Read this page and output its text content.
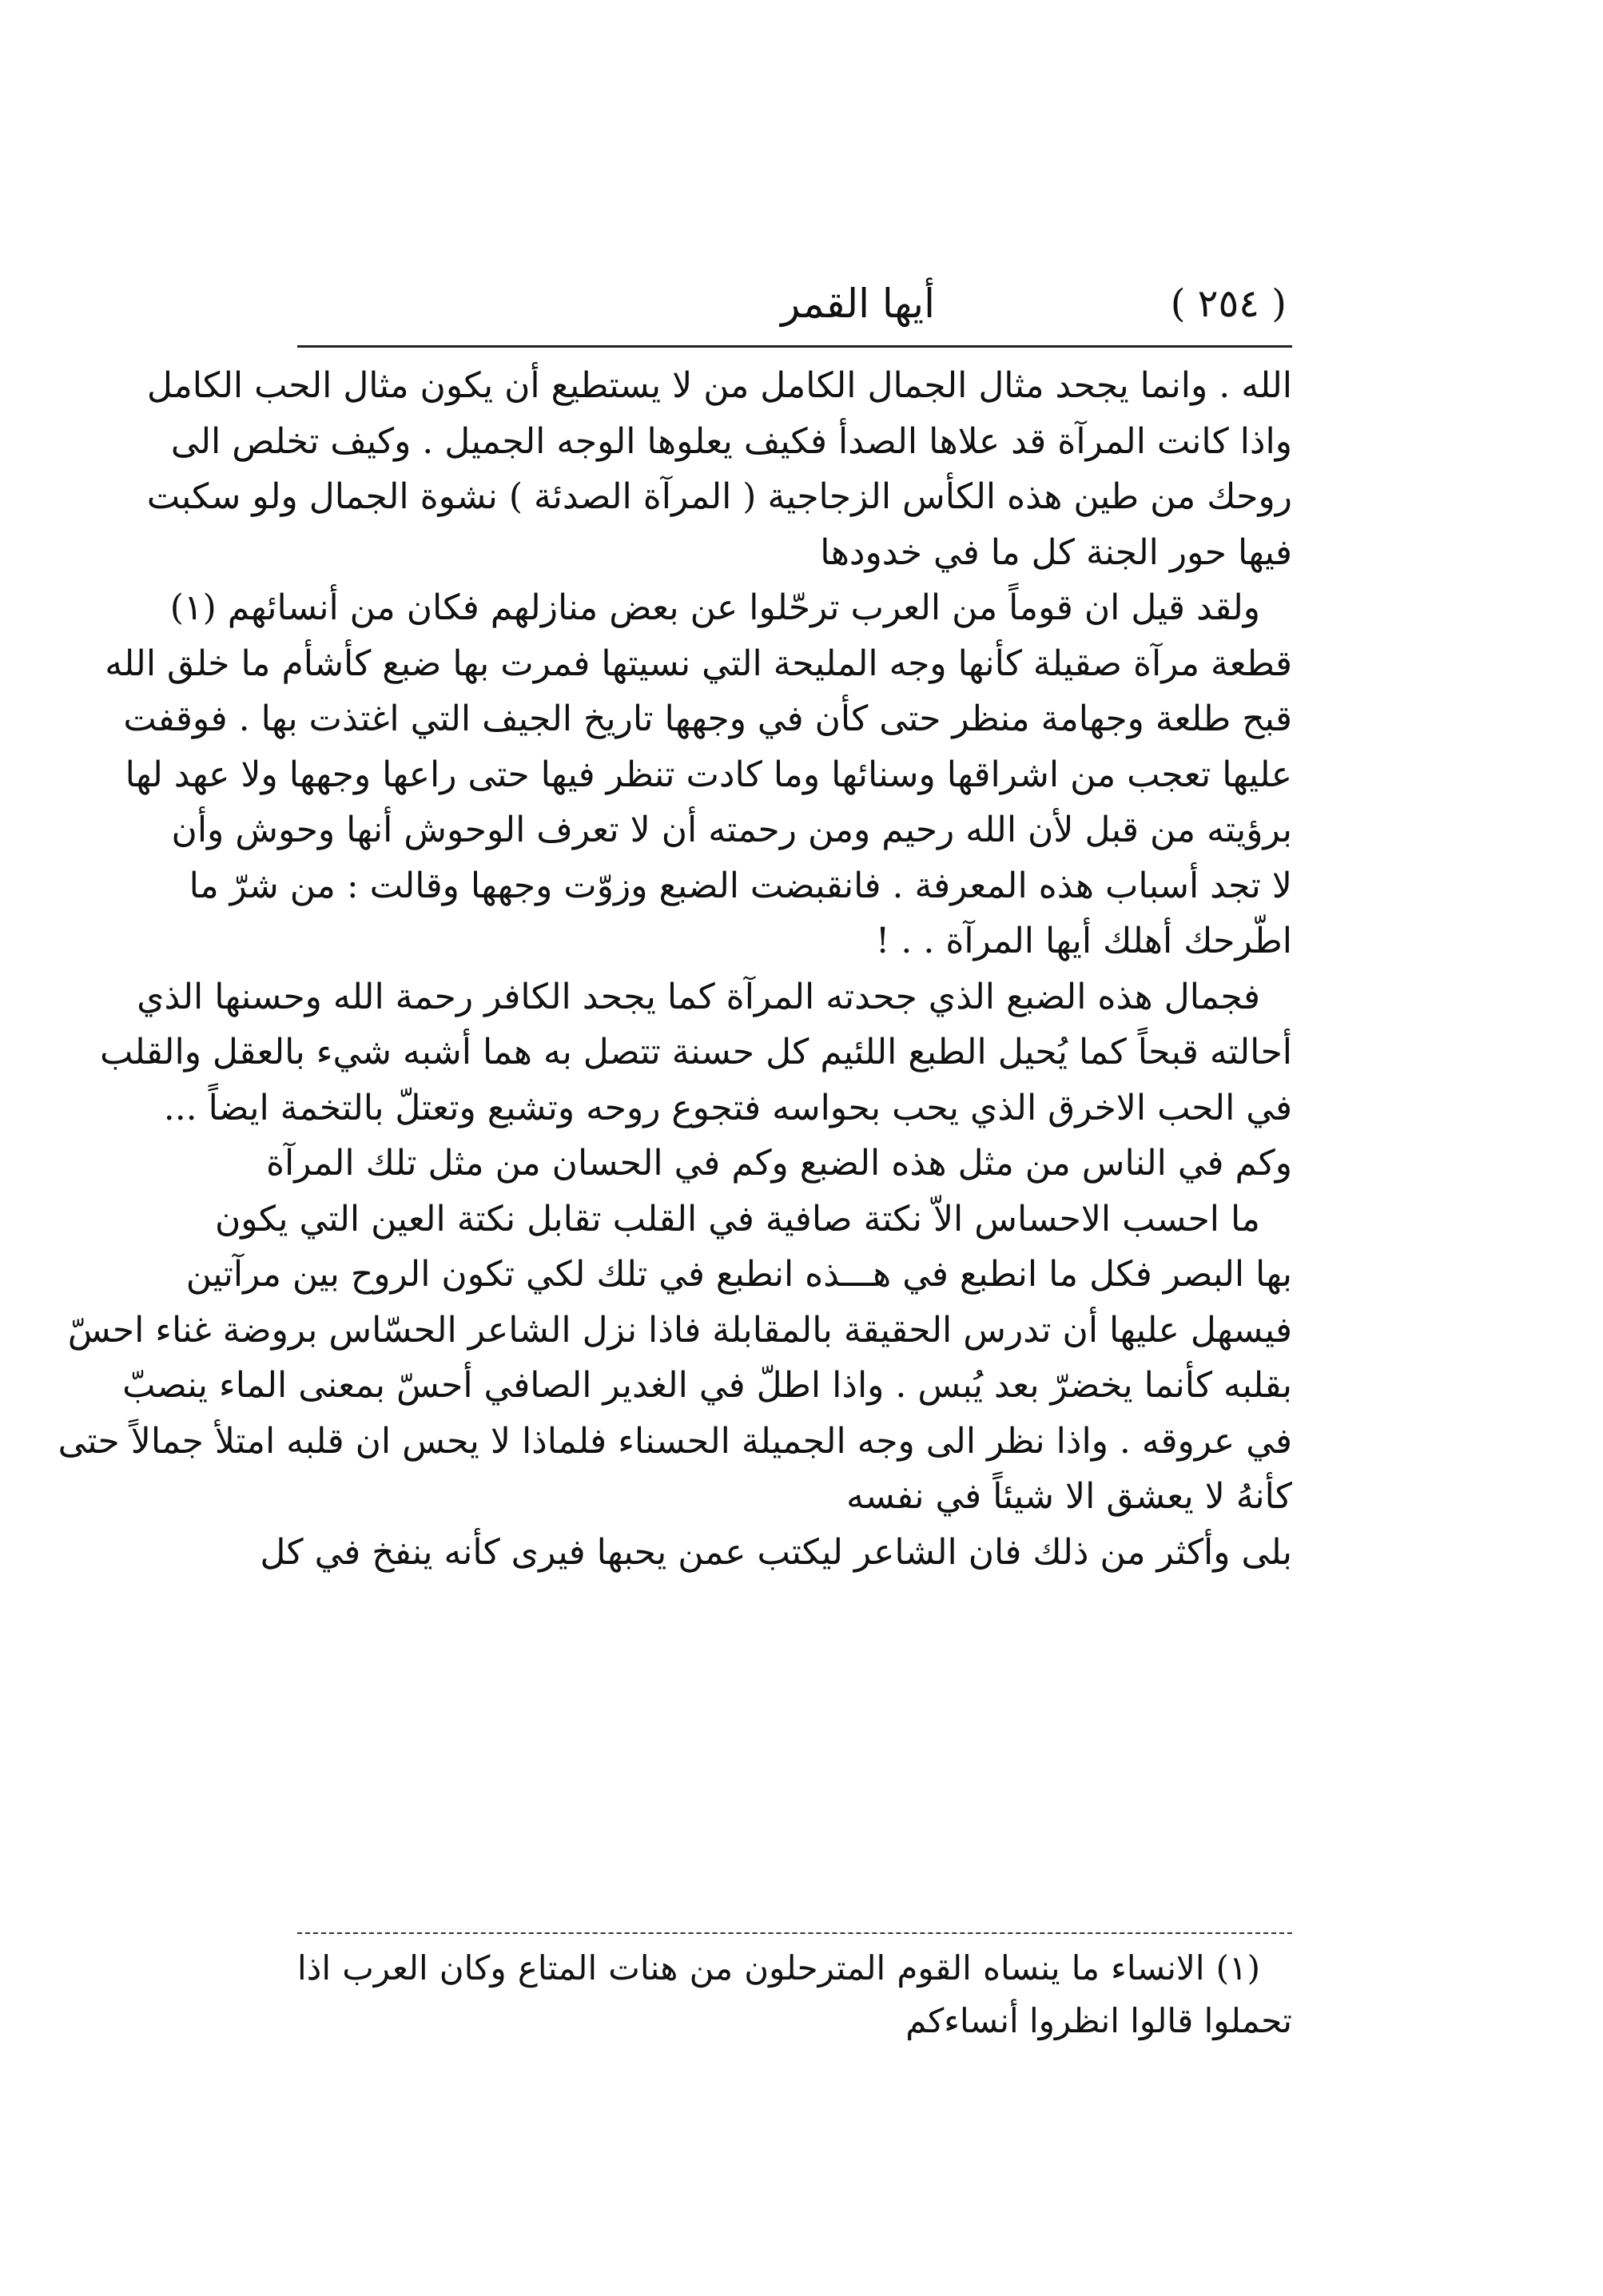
( ٢٥٤ )
أيها القمر
الله . وانما يجحد مثال الجمال الكامل من لا يستطيع أن يكون مثال الحب الكامل
واذا كانت المرآة قد علاها الصدأ فكيف يعلوها الوجه الجميل . وكيف تخلص الى
روحك من طين هذه الكأس الزجاجية ( المرآة الصدئة ) نشوة الجمال ولو سكبت
فيها حور الجنة كل ما في خدودها
ولقد قيل ان قوماً من العرب ترحّلوا عن بعض منازلهم فكان من أنسائهم (١)
قطعة مرآة صقيلة كأنها وجه المليحة التي نسيتها فمرت بها ضبع كأشأم ما خلق الله
قبح طلعة وجهامة منظر حتى كأن في وجهها تاريخ الجيف التي اغتذت بها . فوقفت
عليها تعجب من اشراقها وسنائها وما كادت تنظر فيها حتى راعها وجهها ولا عهد لها
برؤيته من قبل لأن الله رحيم ومن رحمته أن لا تعرف الوحوش أنها وحوش وأن
لا تجد أسباب هذه المعرفة . فانقبضت الضبع وزوّت وجهها وقالت : من شرّ ما
اطّرحك أهلك أيها المرآة . . !
فجمال هذه الضبع الذي جحدته المرآة كما يجحد الكافر رحمة الله وحسنها الذي
أحالته قبحاً كما يُحيل الطبع اللئيم كل حسنة تتصل به هما أشبه شيء بالعقل والقلب
في الحب الاخرق الذي يحب بحواسه فتجوع روحه وتشبع وتعتلّ بالتخمة ايضاً ...
وكم في الناس من مثل هذه الضبع وكم في الحسان من مثل تلك المرآة
ما احسب الاحساس الاّ نكتة صافية في القلب تقابل نكتة العين التي يكون
بها البصر فكل ما انطبع في هـــذه انطبع في تلك لكي تكون الروح بين مرآتين
فيسهل عليها أن تدرس الحقيقة بالمقابلة فاذا نزل الشاعر الحسّاس بروضة غناء احسّ
بقلبه كأنما يخضرّ بعد يُبس . واذا اطلّ في الغدير الصافي أحسّ بمعنى الماء ينصبّ
في عروقه . واذا نظر الى وجه الجميلة الحسناء فلماذا لا يحس ان قلبه امتلأ جمالاً حتى
كأنهُ لا يعشق الا شيئاً في نفسه
بلى وأكثر من ذلك فان الشاعر ليكتب عمن يحبها فيرى كأنه ينفخ في كل
(١) الانساء ما ينساه القوم المترحلون من هنات المتاع وكان العرب اذا
تحملوا قالوا انظروا أنساءكم
